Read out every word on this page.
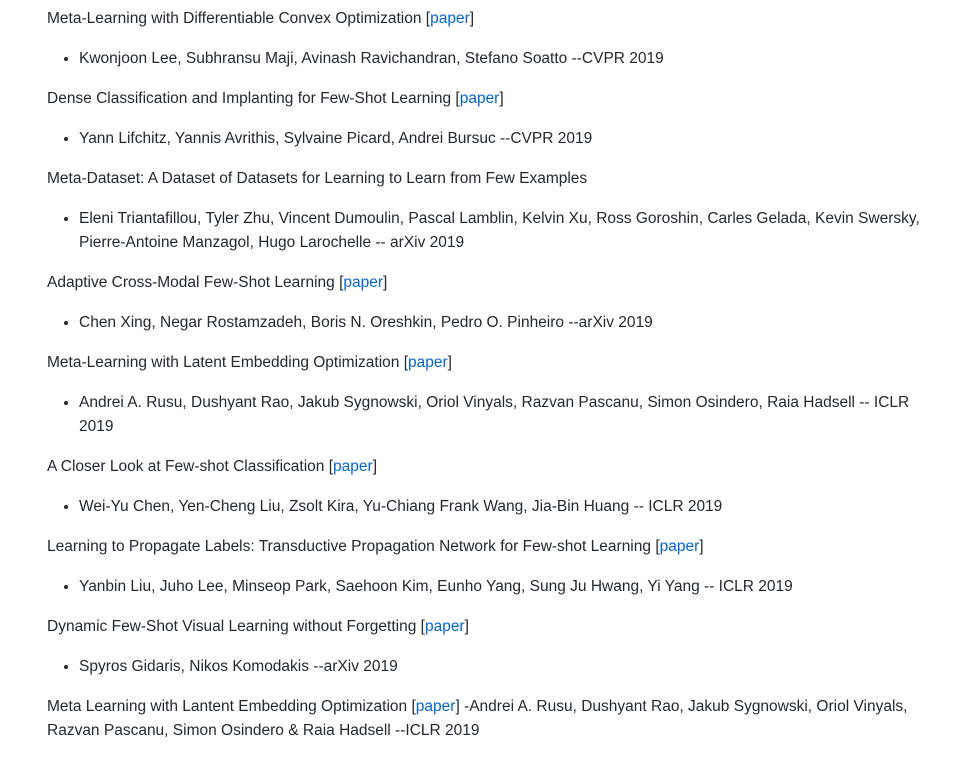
Meta-Learning with Differentiable Convex Optimization [paper]

• Kwonjoon Lee, Subhransu Maji, Avinash Ravichandran, Stefano Soatto --CVPR 2019

Dense Classification and Implanting for Few-Shot Learning [paper]

• Yann Lifchitz, Yannis Avrithis, Sylvaine Picard, Andrei Bursuc --CVPR 2019

Meta-Dataset: A Dataset of Datasets for Learning to Learn from Few Examples

• Eleni Triantafillou, Tyler Zhu, Vincent Dumoulin, Pascal Lamblin, Kelvin Xu, Ross Goroshin, Carles Gelada, Kevin Swersky, Pierre-Antoine Manzagol, Hugo Larochelle -- arXiv 2019

Adaptive Cross-Modal Few-Shot Learning [paper]

• Chen Xing, Negar Rostamzadeh, Boris N. Oreshkin, Pedro O. Pinheiro --arXiv 2019

Meta-Learning with Latent Embedding Optimization [paper]

• Andrei A. Rusu, Dushyant Rao, Jakub Sygnowski, Oriol Vinyals, Razvan Pascanu, Simon Osindero, Raia Hadsell -- ICLR 2019

A Closer Look at Few-shot Classification [paper]

• Wei-Yu Chen, Yen-Cheng Liu, Zsolt Kira, Yu-Chiang Frank Wang, Jia-Bin Huang -- ICLR 2019

Learning to Propagate Labels: Transductive Propagation Network for Few-shot Learning [paper]

• Yanbin Liu, Juho Lee, Minseop Park, Saehoon Kim, Eunho Yang, Sung Ju Hwang, Yi Yang -- ICLR 2019

Dynamic Few-Shot Visual Learning without Forgetting [paper]

• Spyros Gidaris, Nikos Komodakis --arXiv 2019

Meta Learning with Lantent Embedding Optimization [paper] -Andrei A. Rusu, Dushyant Rao, Jakub Sygnowski, Oriol Vinyals, Razvan Pascanu, Simon Osindero & Raia Hadsell --ICLR 2019
